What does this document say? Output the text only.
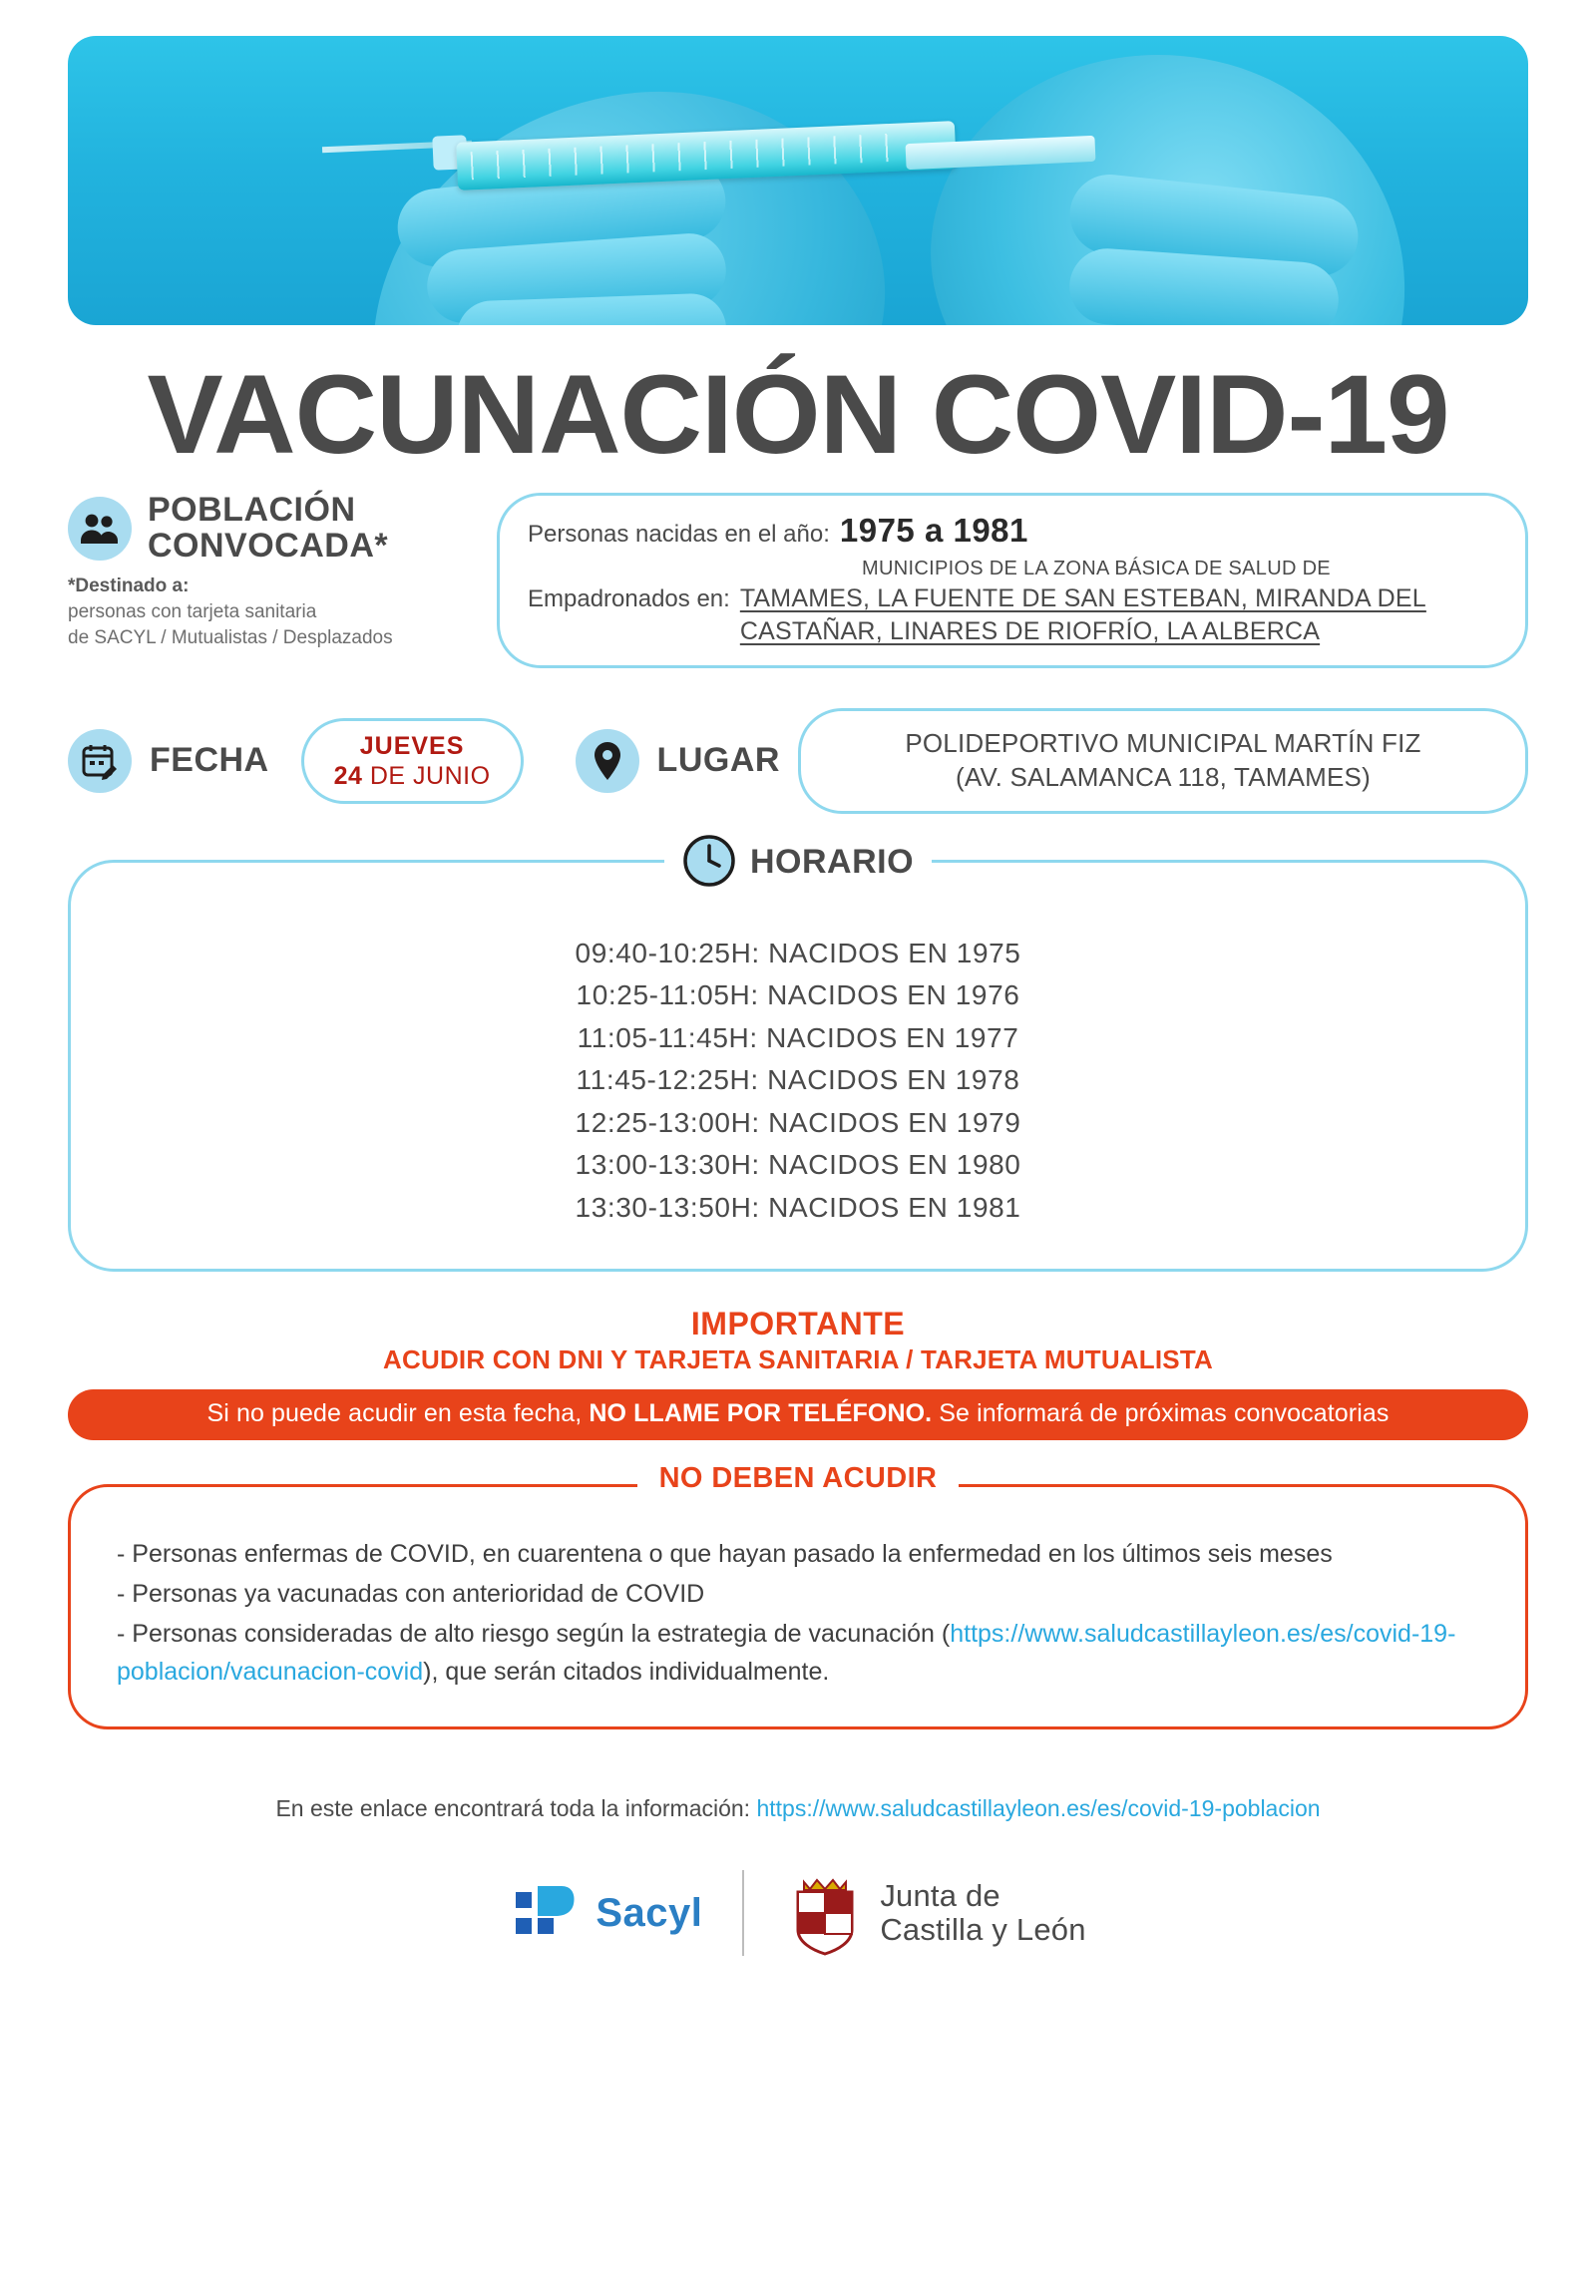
VACUNACIÓN COVID-19
POBLACIÓN
CONVOCADA*
*Destinado a:
personas con tarjeta sanitaria
de SACYL / Mutualistas / Desplazados
Personas nacidas en el año: 1975 a 1981
MUNICIPIOS DE LA ZONA BÁSICA DE SALUD DE
Empadronados en: TAMAMES, LA FUENTE DE SAN ESTEBAN, MIRANDA DEL CASTAÑAR, LINARES DE RIOFRÍO, LA ALBERCA
FECHA	JUEVES
24 DE JUNIO	LUGAR	POLIDEPORTIVO MUNICIPAL MARTÍN FIZ
(AV. SALAMANCA 118, TAMAMES)
HORARIO
09:40-10:25H: NACIDOS EN 1975
10:25-11:05H: NACIDOS EN 1976
11:05-11:45H: NACIDOS EN 1977
11:45-12:25H: NACIDOS EN 1978
12:25-13:00H: NACIDOS EN 1979
13:00-13:30H: NACIDOS EN 1980
13:30-13:50H: NACIDOS EN 1981
IMPORTANTE
ACUDIR CON DNI Y TARJETA SANITARIA / TARJETA MUTUALISTA
Si no puede acudir en esta fecha, NO LLAME POR TELÉFONO. Se informará de próximas convocatorias
NO DEBEN ACUDIR
- Personas enfermas de COVID, en cuarentena o que hayan pasado la enfermedad en los últimos seis meses
- Personas ya vacunadas con anterioridad de COVID
- Personas consideradas de alto riesgo según la estrategia de vacunación (https://www.saludcastillayleon.es/es/covid-19-poblacion/vacunacion-covid), que serán citados individualmente.
En este enlace encontrará toda la información: https://www.saludcastillayleon.es/es/covid-19-poblacion
Sacyl	Junta de
Castilla y León
